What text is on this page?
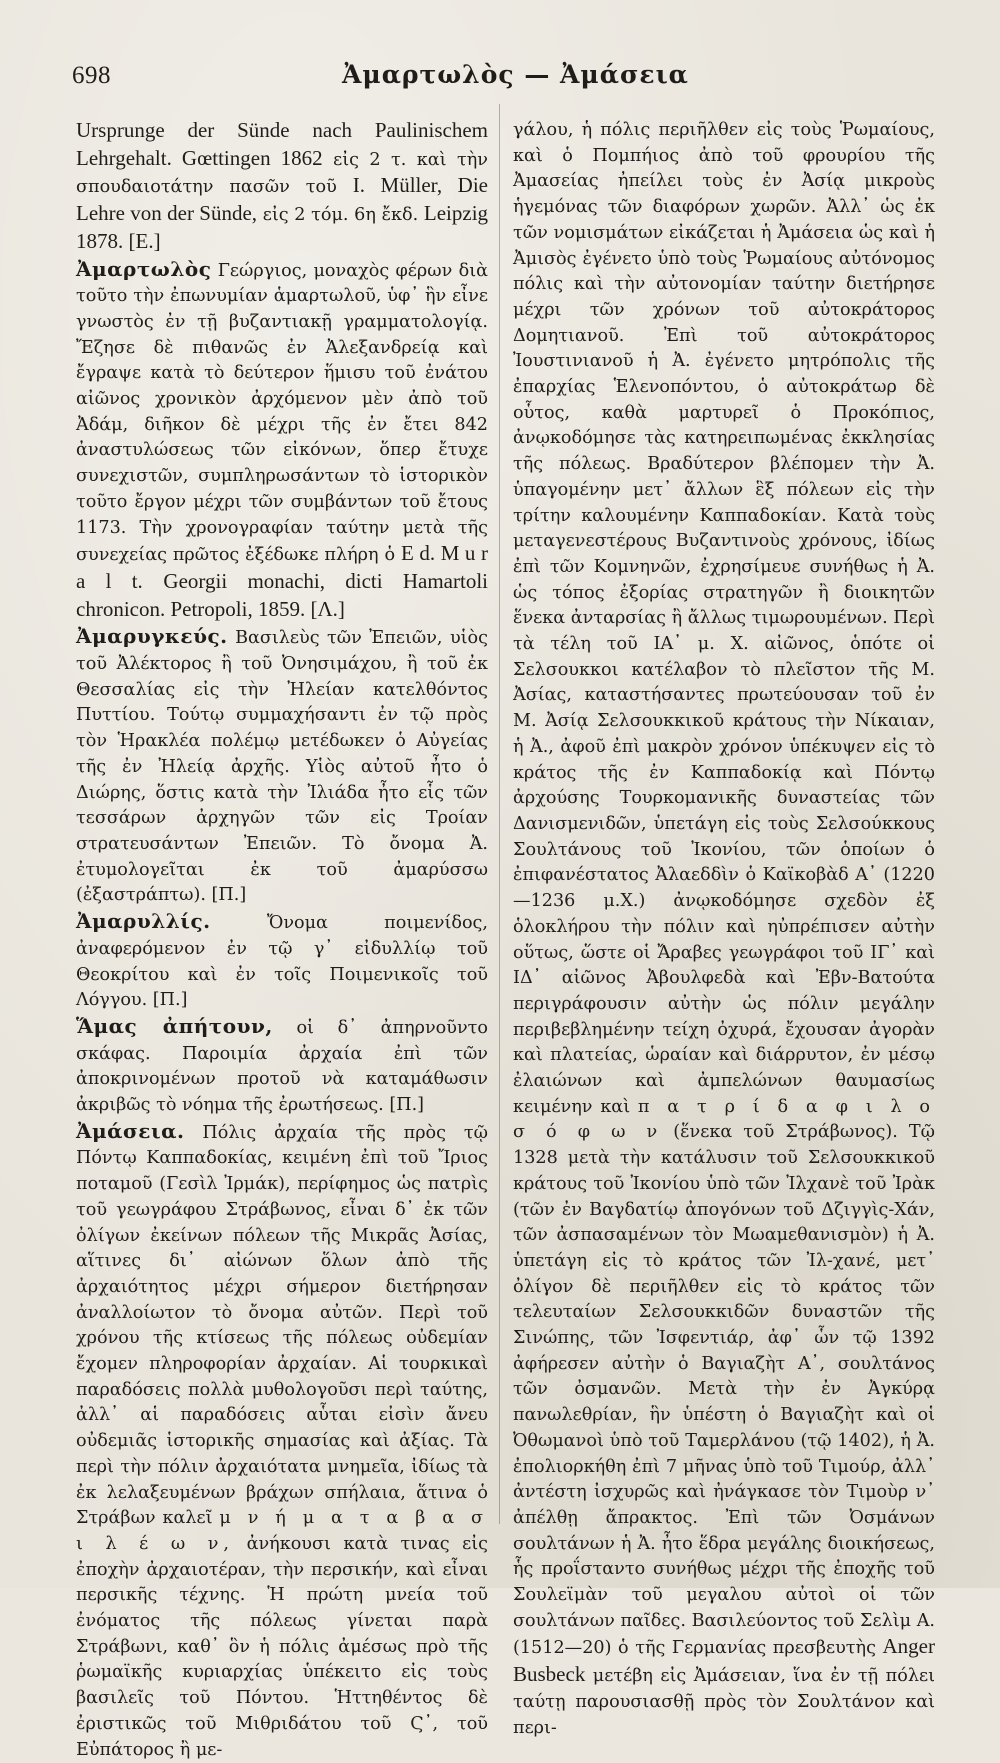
698	Ἀμαρτωλὸς — Ἀμάσεια

Ursprunge der Sünde nach Paulinischem Lehrgehalt. Gœttingen 1862 εἰς 2 τ. καὶ τὴν σπουδαιοτάτην πασῶν τοῦ I. Müller, Die Lehre von der Sünde, εἰς 2 τόμ. 6η ἔκδ. Leipzig 1878. [E.]

Ἀμαρτωλὸς Γεώργιος, μοναχὸς φέρων διὰ τοῦτο τὴν ἐπωνυμίαν ἁμαρτωλοῦ, ὑφ᾽ ἣν εἶνε γνωστὸς ἐν τῇ βυζαντιακῇ γραμματολογίᾳ. Ἔζησε δὲ πιθανῶς ἐν Ἀλεξανδρείᾳ καὶ ἔγραψε κατὰ τὸ δεύτερον ἥμισυ τοῦ ἐνάτου αἰῶνος χρονικὸν ἀρχόμενον μὲν ἀπὸ τοῦ Ἀδάμ, διῆκον δὲ μέχρι τῆς ἐν ἔτει 842 ἀναστυλώσεως τῶν εἰκόνων, ὅπερ ἔτυχε συνεχιστῶν, συμπληρωσάντων τὸ ἱστορικὸν τοῦτο ἔργον μέχρι τῶν συμβάντων τοῦ ἔτους 1173. Τὴν χρονογραφίαν ταύτην μετὰ τῆς συνεχείας πρῶτος ἐξέδωκε πλήρη ὁ E d. M u r a l t. Georgii monachi, dicti Hamartoli chronicon. Petropoli, 1859. [Λ.]

Ἀμαρυγκεύς. Βασιλεὺς τῶν Ἐπειῶν, υἱὸς τοῦ Ἀλέκτορος ἢ τοῦ Ὀνησιμάχου, ἢ τοῦ ἐκ Θεσσαλίας εἰς τὴν Ἠλείαν κατελθόντος Πυττίου. Τούτῳ συμμαχήσαντι ἐν τῷ πρὸς τὸν Ἡρακλέα πολέμῳ μετέδωκεν ὁ Αὐγείας τῆς ἐν Ἠλείᾳ ἀρχῆς. Υἱὸς αὐτοῦ ἦτο ὁ Διώρης, ὅστις κατὰ τὴν Ἰλιάδα ἦτο εἷς τῶν τεσσάρων ἀρχηγῶν τῶν εἰς Τροίαν στρατευσάντων Ἐπειῶν. Τὸ ὄνομα Ἀ. ἐτυμολογεῖται ἐκ τοῦ ἀμαρύσσω (ἐξαστράπτω). [Π.]

Ἀμαρυλλίς.	Ὄνομα ποιμενίδος, ἀναφερόμενον ἐν τῷ γ᾽ εἰδυλλίῳ τοῦ Θεοκρίτου καὶ ἐν τοῖς Ποιμενικοῖς τοῦ Λόγγου. [Π.]

Ἅμας ἀπήτουν, οἱ δ᾽ ἀπηρνοῦντο σκάφας. Παροιμία ἀρχαία ἐπὶ τῶν ἀποκρινομένων προτοῦ νὰ καταμάθωσιν ἀκριβῶς τὸ νόημα τῆς ἐρωτήσεως. [Π.]

Ἀμάσεια. Πόλις ἀρχαία τῆς πρὸς τῷ Πόντῳ Καππαδοκίας, κειμένη ἐπὶ τοῦ Ἴριος ποταμοῦ (Γεσὶλ Ἰρμάκ), περίφημος ὡς πατρὶς τοῦ γεωγράφου Στράβωνος, εἶναι δ᾽ ἐκ τῶν ὀλίγων ἐκείνων πόλεων τῆς Μικρᾶς Ἀσίας, αἵτινες δι᾽ αἰώνων ὅλων ἀπὸ τῆς ἀρχαιότητος μέχρι σήμερον διετήρησαν ἀναλλοίωτον τὸ ὄνομα αὐτῶν. Περὶ τοῦ χρόνου τῆς κτίσεως τῆς πόλεως οὐδεμίαν ἔχομεν πληροφορίαν ἀρχαίαν. Αἱ τουρκικαὶ παραδόσεις πολλὰ μυθολογοῦσι περὶ ταύτης, ἀλλ᾽ αἱ παραδόσεις αὗται εἰσὶν ἄνευ οὐδεμιᾶς ἱστορικῆς σημασίας καὶ ἀξίας. Τὰ περὶ τὴν πόλιν ἀρχαιότατα μνημεῖα, ἰδίως τὰ ἐκ λελαξευμένων βράχων σπήλαια, ἅτινα ὁ Στράβων καλεῖ μ ν ή μ α τ α β α σ ι λ έ ω ν, ἀνήκουσι κατὰ τινας εἰς ἐποχὴν ἀρχαιοτέραν, τὴν περσικήν, καὶ εἶναι περσικῆς τέχνης. Ἡ πρώτη μνεία τοῦ ἐνόματος τῆς πόλεως γίνεται παρὰ Στράβωνι, καθ᾽ ὃν ἡ πόλις ἀμέσως πρὸ τῆς ῥωμαϊκῆς κυριαρχίας ὑπέκειτο εἰς τοὺς βασιλεῖς τοῦ Πόντου. Ἡττηθέντος δὲ ἐριστικῶς τοῦ Μιθριδάτου τοῦ Ϛ᾽, τοῦ Εὐπάτορος ἢ με-

γάλου, ἡ πόλις περιῆλθεν εἰς τοὺς Ῥωμαίους, καὶ ὁ Πομπήιος ἀπὸ τοῦ φρουρίου τῆς Ἀμασείας ἠπείλει τοὺς ἐν Ἀσίᾳ μικροὺς ἡγεμόνας τῶν διαφόρων χωρῶν. Ἀλλ᾽ ὡς ἐκ τῶν νομισμάτων εἰκάζεται ἡ Ἀμάσεια ὡς καὶ ἡ Ἀμισὸς ἐγένετο ὑπὸ τοὺς Ῥωμαίους αὐτόνομος πόλις καὶ τὴν αὐτονομίαν ταύτην διετήρησε μέχρι τῶν χρόνων τοῦ αὐτοκράτορος Δομητιανοῦ. Ἐπὶ τοῦ αὐτοκράτορος Ἰουστινιανοῦ ἡ Ἀ. ἐγένετο μητρόπολις τῆς ἐπαρχίας Ἑλενοπόντου, ὁ αὐτοκράτωρ δὲ οὗτος, καθὰ μαρτυρεῖ ὁ Προκόπιος, ἀνῳκοδόμησε τὰς κατηρειπωμένας ἐκκλησίας τῆς πόλεως. Βραδύτερον βλέπομεν τὴν Ἀ. ὑπαγομένην μετ᾽ ἄλλων ἓξ πόλεων εἰς τὴν τρίτην καλουμένην Καππαδοκίαν. Κατὰ τοὺς μεταγενεστέρους Βυζαντινοὺς χρόνους, ἰδίως ἐπὶ τῶν Κομνηνῶν, ἐχρησίμευε συνήθως ἡ Ἀ. ὡς τόπος ἐξορίας στρατηγῶν ἢ διοικητῶν ἕνεκα ἀνταρσίας ἢ ἄλλως τιμωρουμένων. Περὶ τὰ τέλη τοῦ ΙΑ᾽ μ. Χ. αἰῶνος, ὁπότε οἱ Σελσουκκοι κατέλαβον τὸ πλεῖστον τῆς Μ. Ἀσίας, καταστήσαντες πρωτεύουσαν τοῦ ἐν Μ. Ἀσίᾳ Σελσουκκικοῦ κράτους τὴν Νίκαιαν, ἡ Ἀ., ἀφοῦ ἐπὶ μακρὸν χρόνον ὑπέκυψεν εἰς τὸ κράτος τῆς ἐν Καππαδοκίᾳ καὶ Πόντῳ ἀρχούσης Τουρκομανικῆς δυναστείας τῶν Δανισμενιδῶν, ὑπετάγη εἰς τοὺς Σελσούκκους Σουλτάνους τοῦ Ἰκονίου, τῶν ὁποίων ὁ ἐπιφανέστατος Ἀλαεδδὶν ὁ Καϊκοβὰδ Α᾽ (1220—1236 μ.Χ.) ἀνῳκοδόμησε σχεδὸν ἐξ ὁλοκλήρου τὴν πόλιν καὶ ηὐπρέπισεν αὐτὴν οὕτως, ὥστε οἱ Ἄραβες γεωγράφοι τοῦ ΙΓ᾽ καὶ ΙΔ᾽ αἰῶνος Ἀβουλφεδὰ καὶ Ἐβν-Βατούτα περιγράφουσιν αὐτὴν ὡς πόλιν μεγάλην περιβεβλημένην τείχη ὀχυρά, ἔχουσαν ἀγορὰν καὶ πλατείας, ὡραίαν καὶ διάρρυτον, ἐν μέσῳ ἐλαιώνων καὶ ἀμπελώνων θαυμασίως κειμένην καὶ π α τ ρ ί δ α φ ι λ ο σ ό φ ω ν (ἕνεκα τοῦ Στράβωνος). Τῷ 1328 μετὰ τὴν κατάλυσιν τοῦ Σελσουκκικοῦ κράτους τοῦ Ἰκονίου ὑπὸ τῶν Ἰλχανὲ τοῦ Ἰρὰκ (τῶν ἐν Βαγδατίῳ ἀπογόνων τοῦ Δζιγγὶς-Χάν, τῶν ἀσπασαμένων τὸν Μωαμεθανισμὸν) ἡ Ἀ. ὑπετάγη εἰς τὸ κράτος τῶν Ἰλ-χανέ, μετ᾽ ὀλίγον δὲ περιῆλθεν εἰς τὸ κράτος τῶν τελευταίων Σελσουκκιδῶν δυναστῶν τῆς Σινώπης, τῶν Ἰσφεντιάρ, ἀφ᾽ ὧν τῷ 1392 ἀφήρεσεν αὐτὴν ὁ Βαγιαζὴτ Α᾽, σουλτάνος τῶν ὀσμανῶν. Μετὰ τὴν ἐν Ἀγκύρᾳ πανωλεθρίαν, ἣν ὑπέστη ὁ Βαγιαζὴτ καὶ οἱ Ὀθωμανοὶ ὑπὸ τοῦ Ταμερλάνου (τῷ 1402), ἡ Ἀ. ἐπολιορκήθη ἐπὶ 7 μῆνας ὑπὸ τοῦ Τιμούρ, ἀλλ᾽ ἀντέστη ἰσχυρῶς καὶ ἠνάγκασε τὸν Τιμοὺρ ν᾽ ἀπέλθῃ ἄπρακτος. Ἐπὶ τῶν Ὀσμάνων σουλτάνων ἡ Ἀ. ἦτο ἕδρα μεγάλης διοικήσεως, ἧς προΐσταντο συνήθως μέχρι τῆς ἐποχῆς τοῦ Σουλεϊμὰν τοῦ μεγαλου αὐτοὶ οἱ τῶν σουλτάνων παῖδες. Βασιλεύοντος τοῦ Σελὶμ Α. (1512—20) ὁ τῆς Γερμανίας πρεσβευτὴς Anger Busbeck μετέβη εἰς Ἀμάσειαν, ἵνα ἐν τῇ πόλει ταύτῃ παρουσιασθῇ πρὸς τὸν Σουλτάνον καὶ περι-
